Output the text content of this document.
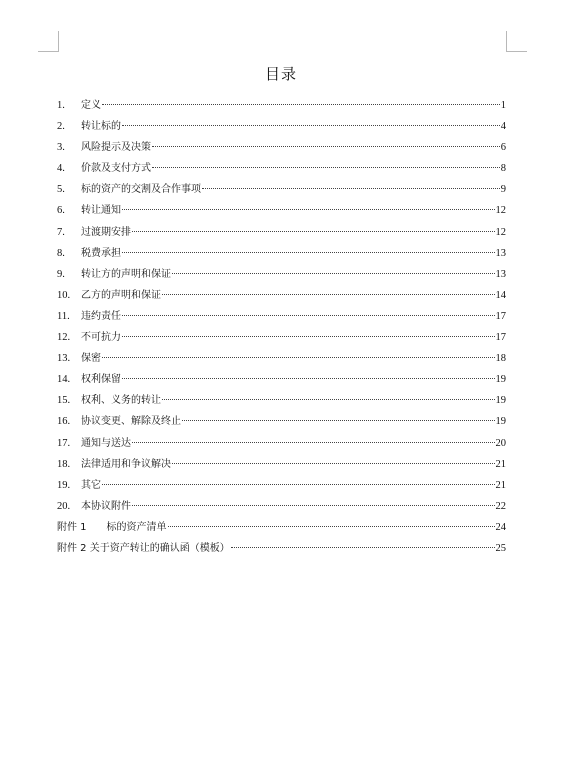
目录
1.	定义	1
2.	转让标的	4
3.	风险提示及决策	6
4.	价款及支付方式	8
5.	标的资产的交割及合作事项	9
6.	转让通知	12
7.	过渡期安排	12
8.	税费承担	13
9.	转让方的声明和保证	13
10.	乙方的声明和保证	14
11.	违约责任	17
12.	不可抗力	17
13.	保密	18
14.	权利保留	19
15.	权利、义务的转让	19
16.	协议变更、解除及终止	19
17.	通知与送达	20
18.	法律适用和争议解决	21
19.	其它	21
20.	本协议附件	22
附件 1　　标的资产清单	24
附件 2 关于资产转让的确认函（模板）	25
